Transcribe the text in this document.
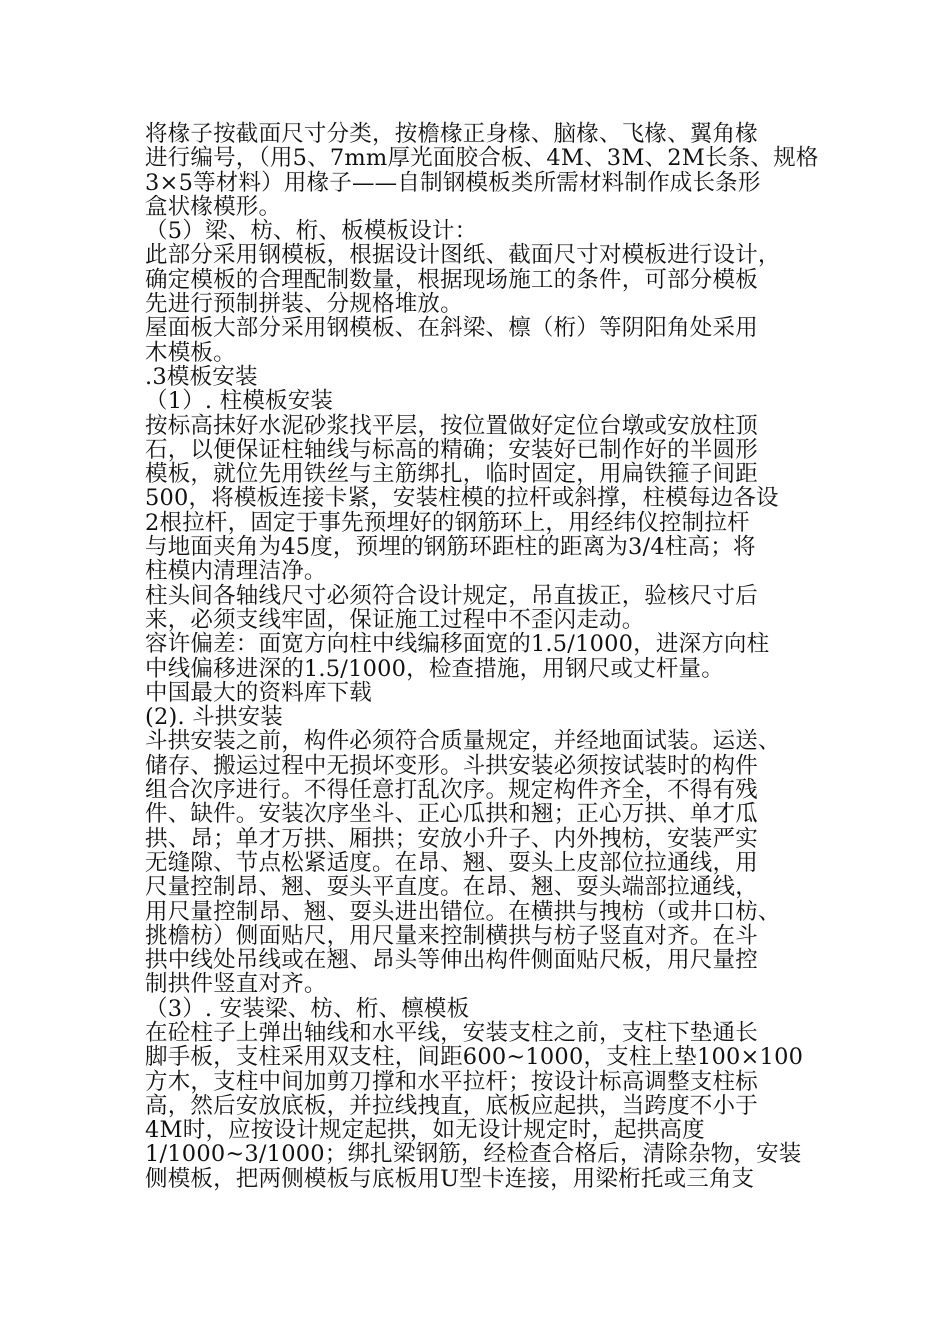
将椽子按截面尺寸分类，按檐椽正身椽、脑椽、飞椽、翼角椽
进行编号，（用5、7mm厚光面胶合板、4M、3M、2M长条、规格
3×5等材料）用椽子——自制钢模板类所需材料制作成长条形
盒状椽模形。
（5）梁、枋、桁、板模板设计：
此部分采用钢模板，根据设计图纸、截面尺寸对模板进行设计，
确定模板的合理配制数量，根据现场施工的条件，可部分模板
先进行预制拼装、分规格堆放。
屋面板大部分采用钢模板、在斜梁、檩（桁）等阴阳角处采用
木模板。
.3模板安装
（1）. 柱模板安装
按标高抹好水泥砂浆找平层，按位置做好定位台墩或安放柱顶
石，以便保证柱轴线与标高的精确；安装好已制作好的半圆形
模板，就位先用铁丝与主筋绑扎，临时固定，用扁铁箍子间距
500，将模板连接卡紧，安装柱模的拉杆或斜撑，柱模每边各设
2根拉杆，固定于事先预埋好的钢筋环上，用经纬仪控制拉杆
与地面夹角为45度，预埋的钢筋环距柱的距离为3/4柱高；将
柱模内清理洁净。
柱头间各轴线尺寸必须符合设计规定，吊直拔正，验核尺寸后
来，必须支线牢固，保证施工过程中不歪闪走动。
容许偏差：面宽方向柱中线编移面宽的1.5/1000，进深方向柱
中线偏移进深的1.5/1000，检查措施，用钢尺或丈杆量。
中国最大的资料库下载
(2). 斗拱安装
斗拱安装之前，构件必须符合质量规定，并经地面试装。运送、
储存、搬运过程中无损坏变形。斗拱安装必须按试装时的构件
组合次序进行。不得任意打乱次序。规定构件齐全，不得有残
件、缺件。安装次序坐斗、正心瓜拱和翘；正心万拱、单才瓜
拱、昂；单才万拱、厢拱；安放小升子、内外拽枋，安装严实
无缝隙、节点松紧适度。在昂、翘、耍头上皮部位拉通线，用
尺量控制昂、翘、耍头平直度。在昂、翘、耍头端部拉通线，
用尺量控制昂、翘、耍头进出错位。在横拱与拽枋（或井口枋、
挑檐枋）侧面贴尺，用尺量来控制横拱与枋子竖直对齐。在斗
拱中线处吊线或在翘、昂头等伸出构件侧面贴尺板，用尺量控
制拱件竖直对齐。
（3）. 安装梁、枋、桁、檩模板
在砼柱子上弹出轴线和水平线，安装支柱之前，支柱下垫通长
脚手板，支柱采用双支柱，间距600~1000，支柱上垫100×100
方木，支柱中间加剪刀撑和水平拉杆；按设计标高调整支柱标
高，然后安放底板，并拉线拽直，底板应起拱，当跨度不小于
4M时，应按设计规定起拱，如无设计规定时，起拱高度
1/1000~3/1000；绑扎梁钢筋，经检查合格后，清除杂物，安装
侧模板，把两侧模板与底板用U型卡连接，用梁桁托或三角支
